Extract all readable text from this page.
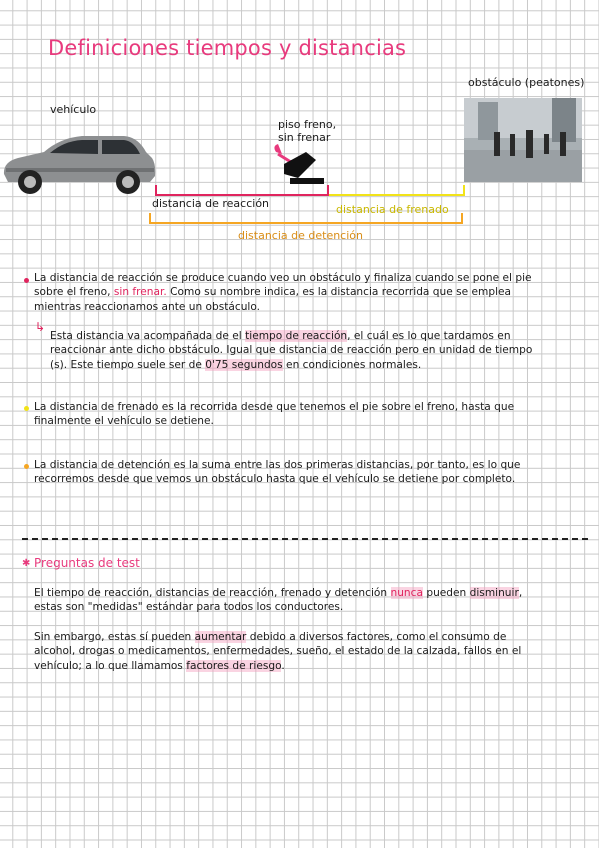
Definiciones tiempos y distancias
vehículo
obstáculo (peatones)
piso freno, sin frenar
distancia de reacción	distancia de frenado
distancia de detención
La distancia de reacción se produce cuando veo un obstáculo y finaliza cuando se pone el pie sobre el freno, sin frenar. Como su nombre indica, es la distancia recorrida que se emplea mientras reaccionamos ante un obstáculo.
↳
Esta distancia va acompañada de el tiempo de reacción, el cuál es lo que tardamos en reaccionar ante dicho obstáculo. Igual que distancia de reacción pero en unidad de tiempo (s). Este tiempo suele ser de 0'75 segundos en condiciones normales.
La distancia de frenado es la recorrida desde que tenemos el pie sobre el freno, hasta que finalmente el vehículo se detiene.
La distancia de detención es la suma entre las dos primeras distancias, por tanto, es lo que recorremos desde que vemos un obstáculo hasta que el vehículo se detiene por completo.
✱ Preguntas de test
El tiempo de reacción, distancias de reacción, frenado y detención nunca pueden disminuir, estas son "medidas" estándar para todos los conductores.
Sin embargo, estas sí pueden aumentar debido a diversos factores, como el consumo de alcohol, drogas o medicamentos, enfermedades, sueño, el estado de la calzada, fallos en el vehículo; a lo que llamamos factores de riesgo.
